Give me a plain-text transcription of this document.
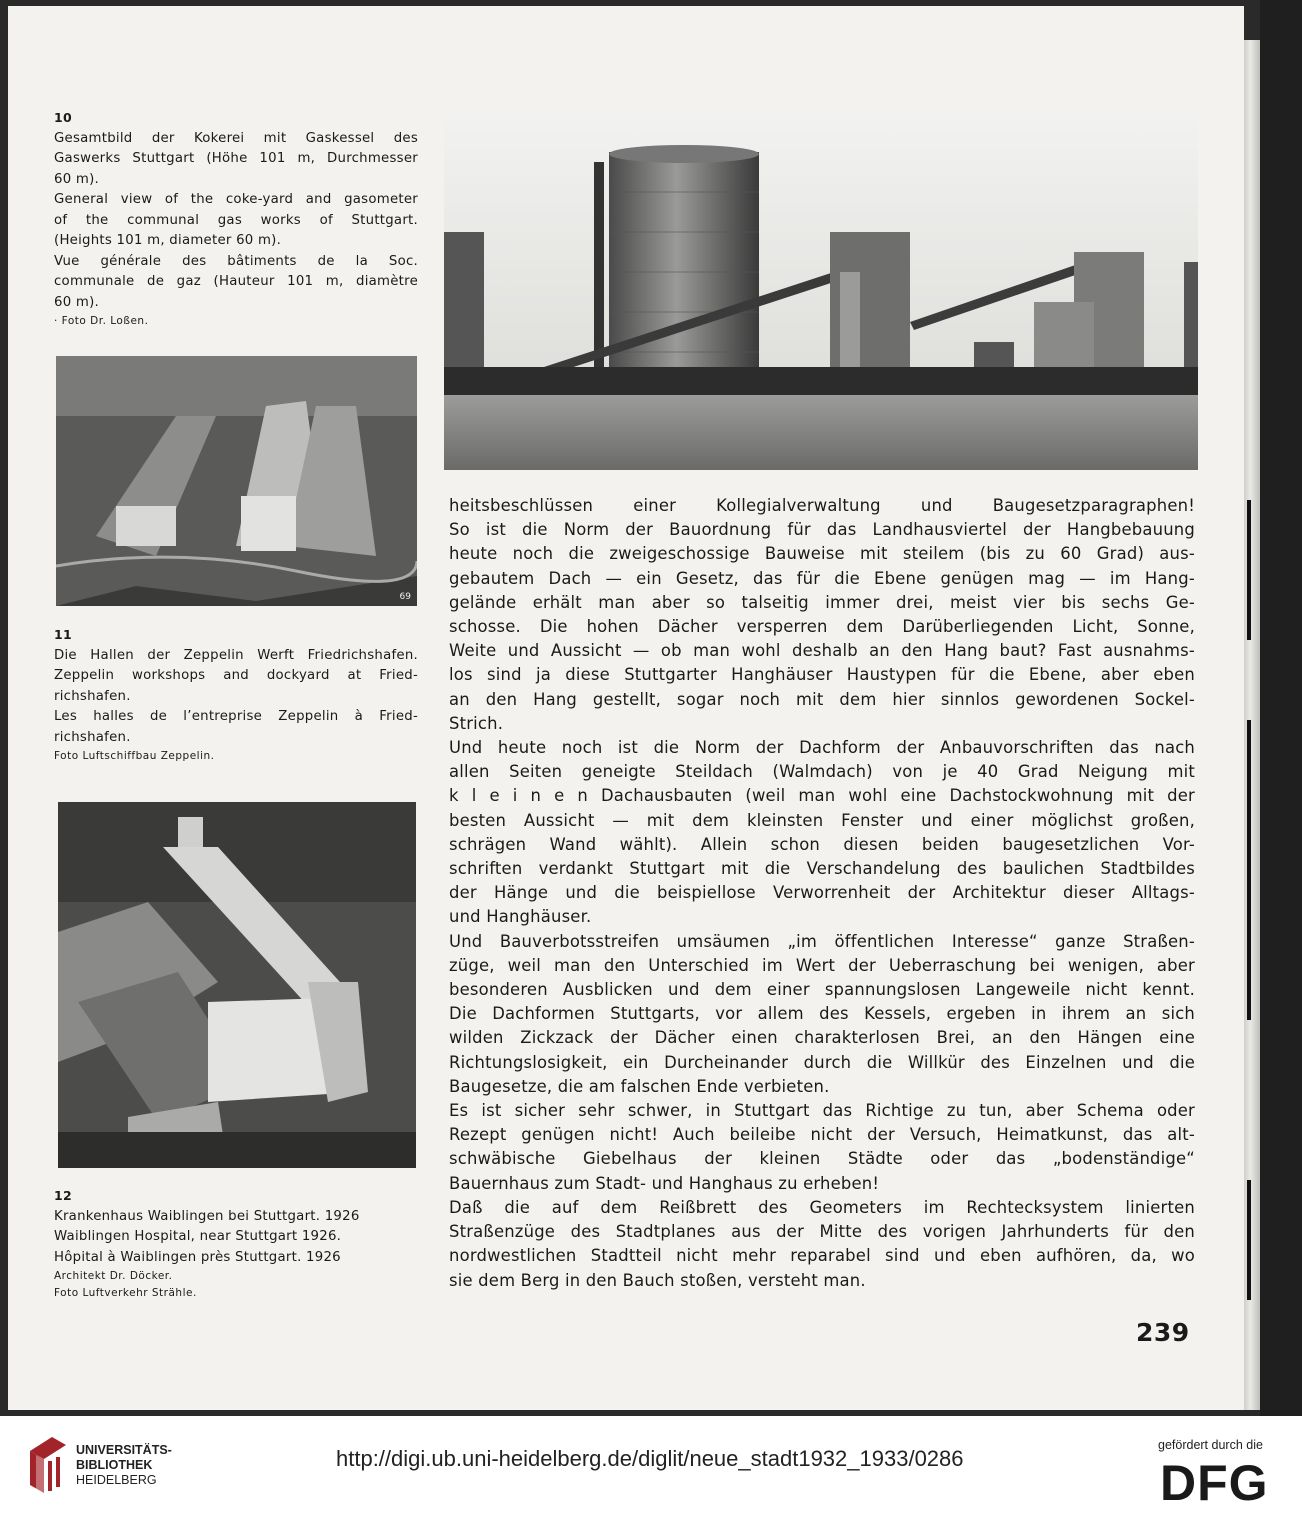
10
Gesamtbild der Kokerei mit Gaskessel des
Gaswerks Stuttgart (Höhe 101 m, Durchmesser
60 m).
General view of the coke-yard and gasometer
of the communal gas works of Stuttgart.
(Heights 101 m, diameter 60 m).
Vue générale des bâtiments de la Soc.
communale de gaz (Hauteur 101 m, diamètre
60 m).
· Foto Dr. Loßen.
69
11
Die Hallen der Zeppelin Werft Friedrichshafen.
Zeppelin workshops and dockyard at Fried-
richshafen.
Les halles de l’entreprise Zeppelin à Fried-
richshafen.
Foto Luftschiffbau Zeppelin.
12
Krankenhaus Waiblingen bei Stuttgart. 1926
Waiblingen Hospital, near Stuttgart 1926.
Hôpital à Waiblingen près Stuttgart. 1926
Architekt Dr. Döcker.
Foto Luftverkehr Strähle.
heitsbeschlüssen einer Kollegialverwaltung und Baugesetzparagraphen!
So ist die Norm der Bauordnung für das Landhausviertel der Hangbebauung
heute noch die zweigeschossige Bauweise mit steilem (bis zu 60 Grad) aus-
gebautem Dach — ein Gesetz, das für die Ebene genügen mag — im Hang-
gelände erhält man aber so talseitig immer drei, meist vier bis sechs Ge-
schosse. Die hohen Dächer versperren dem Darüberliegenden Licht, Sonne,
Weite und Aussicht — ob man wohl deshalb an den Hang baut? Fast ausnahms-
los sind ja diese Stuttgarter Hanghäuser Haustypen für die Ebene, aber eben
an den Hang gestellt, sogar noch mit dem hier sinnlos gewordenen Sockel-
Strich.
Und heute noch ist die Norm der Dachform der Anbauvorschriften das nach
allen Seiten geneigte Steildach (Walmdach) von je 40 Grad Neigung mit
k l e i n e n Dachausbauten (weil man wohl eine Dachstockwohnung mit der
besten Aussicht — mit dem kleinsten Fenster und einer möglichst großen,
schrägen Wand wählt). Allein schon diesen beiden baugesetzlichen Vor-
schriften verdankt Stuttgart mit die Verschandelung des baulichen Stadtbildes
der Hänge und die beispiellose Verworrenheit der Architektur dieser Alltags-
und Hanghäuser.
Und Bauverbotsstreifen umsäumen „im öffentlichen Interesse“ ganze Straßen-
züge, weil man den Unterschied im Wert der Ueberraschung bei wenigen, aber
besonderen Ausblicken und dem einer spannungslosen Langeweile nicht kennt.
Die Dachformen Stuttgarts, vor allem des Kessels, ergeben in ihrem an sich
wilden Zickzack der Dächer einen charakterlosen Brei, an den Hängen eine
Richtungslosigkeit, ein Durcheinander durch die Willkür des Einzelnen und die
Baugesetze, die am falschen Ende verbieten.
Es ist sicher sehr schwer, in Stuttgart das Richtige zu tun, aber Schema oder
Rezept genügen nicht! Auch beileibe nicht der Versuch, Heimatkunst, das alt-
schwäbische Giebelhaus der kleinen Städte oder das „bodenständige“
Bauernhaus zum Stadt- und Hanghaus zu erheben!
Daß die auf dem Reißbrett des Geometers im Rechtecksystem linierten
Straßenzüge des Stadtplanes aus der Mitte des vorigen Jahrhunderts für den
nordwestlichen Stadtteil nicht mehr reparabel sind und eben aufhören, da, wo
sie dem Berg in den Bauch stoßen, versteht man.
239
UNIVERSITÄTS-
BIBLIOTHEK
HEIDELBERG
http://digi.ub.uni-heidelberg.de/diglit/neue_stadt1932_1933/0286
gefördert durch die
DFG
